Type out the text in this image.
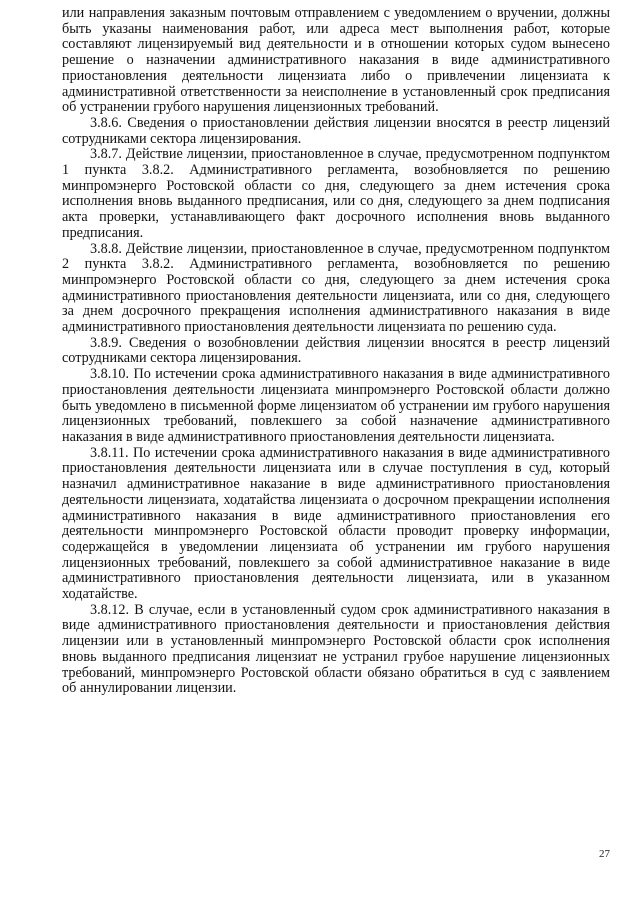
или направления заказным почтовым отправлением с уведомлением о вручении, должны быть указаны наименования работ, или адреса мест выполнения работ, которые составляют лицензируемый вид деятельности и в отношении которых судом вынесено решение о назначении административного наказания в виде административного приостановления деятельности лицензиата либо о привлечении лицензиата к административной ответственности за неисполнение в установленный срок предписания об устранении грубого нарушения лицензионных требований.

3.8.6. Сведения о приостановлении действия лицензии вносятся в реестр лицензий сотрудниками сектора лицензирования.

3.8.7. Действие лицензии, приостановленное в случае, предусмотренном подпунктом 1 пункта 3.8.2. Административного регламента, возобновляется по решению минпромэнерго Ростовской области со дня, следующего за днем истечения срока исполнения вновь выданного предписания, или со дня, следующего за днем подписания акта проверки, устанавливающего факт досрочного исполнения вновь выданного предписания.

3.8.8. Действие лицензии, приостановленное в случае, предусмотренном подпунктом 2 пункта 3.8.2. Административного регламента, возобновляется по решению минпромэнерго Ростовской области со дня, следующего за днем истечения срока административного приостановления деятельности лицензиата, или со дня, следующего за днем досрочного прекращения исполнения административного наказания в виде административного приостановления деятельности лицензиата по решению суда.

3.8.9. Сведения о возобновлении действия лицензии вносятся в реестр лицензий сотрудниками сектора лицензирования.

3.8.10. По истечении срока административного наказания в виде административного приостановления деятельности лицензиата минпромэнерго Ростовской области должно быть уведомлено в письменной форме лицензиатом об устранении им грубого нарушения лицензионных требований, повлекшего за собой назначение административного наказания в виде административного приостановления деятельности лицензиата.

3.8.11. По истечении срока административного наказания в виде административного приостановления деятельности лицензиата или в случае поступления в суд, который назначил административное наказание в виде административного приостановления деятельности лицензиата, ходатайства лицензиата о досрочном прекращении исполнения административного наказания в виде административного приостановления его деятельности минпромэнерго Ростовской области проводит проверку информации, содержащейся в уведомлении лицензиата об устранении им грубого нарушения лицензионных требований, повлекшего за собой административное наказание в виде административного приостановления деятельности лицензиата, или в указанном ходатайстве.

3.8.12. В случае, если в установленный судом срок административного наказания в виде административного приостановления деятельности и приостановления действия лицензии или в установленный минпромэнерго Ростовской области срок исполнения вновь выданного предписания лицензиат не устранил грубое нарушение лицензионных требований, минпромэнерго Ростовской области обязано обратиться в суд с заявлением об аннулировании лицензии.

27
